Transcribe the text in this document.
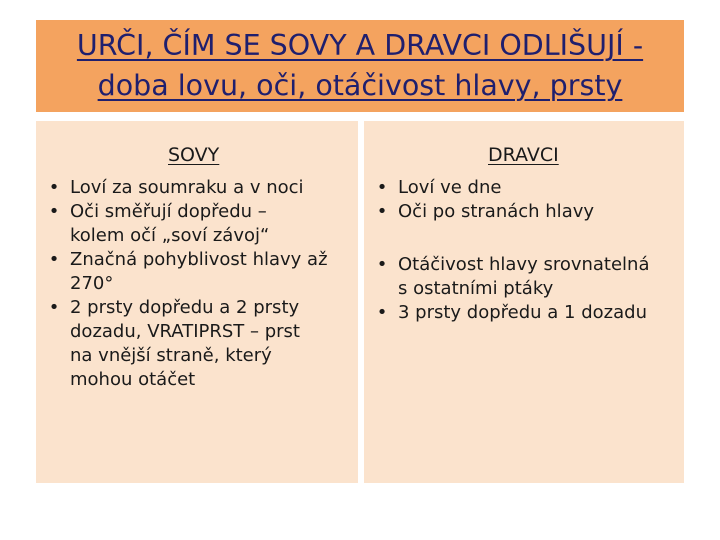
URČI, ČÍM SE SOVY A DRAVCI ODLIŠUJÍ -
doba lovu, oči, otáčivost hlavy, prsty
SOVY
• Loví za soumraku a v noci
• Oči směřují dopředu –
kolem očí „soví závoj“
• Značná pohyblivost hlavy až
270°
• 2 prsty dopředu a 2 prsty
dozadu, VRATIPRST – prst
na vnější straně, který
mohou otáčet
DRAVCI
• Loví ve dne
• Oči po stranách hlavy
• Otáčivost hlavy srovnatelná
s ostatními ptáky
• 3 prsty dopředu a 1 dozadu
